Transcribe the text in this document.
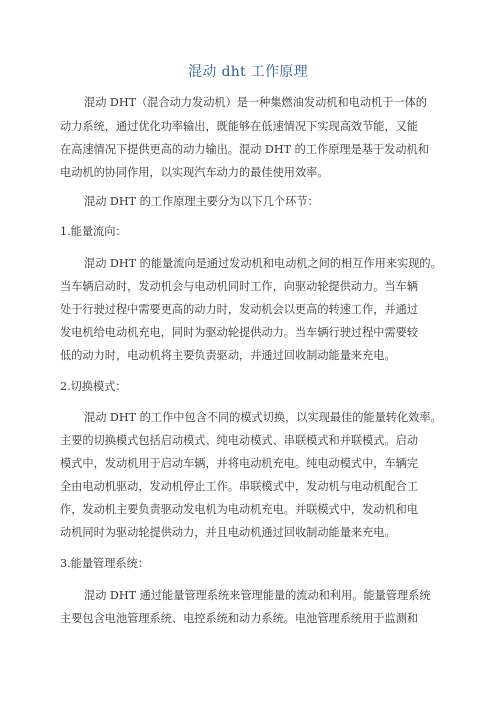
混动 dht 工作原理
混动 DHT（混合动力发动机）是一种集燃油发动机和电动机于一体的
动力系统，通过优化功率输出，既能够在低速情况下实现高效节能，又能
在高速情况下提供更高的动力输出。混动 DHT 的工作原理是基于发动机和
电动机的协同作用，以实现汽车动力的最佳使用效率。
混动 DHT 的工作原理主要分为以下几个环节：
1.能量流向：
混动 DHT 的能量流向是通过发动机和电动机之间的相互作用来实现的。
当车辆启动时，发动机会与电动机同时工作，向驱动轮提供动力。当车辆
处于行驶过程中需要更高的动力时，发动机会以更高的转速工作，并通过
发电机给电动机充电，同时为驱动轮提供动力。当车辆行驶过程中需要较
低的动力时，电动机将主要负责驱动，并通过回收制动能量来充电。
2.切换模式：
混动 DHT 的工作中包含不同的模式切换，以实现最佳的能量转化效率。
主要的切换模式包括启动模式、纯电动模式、串联模式和并联模式。启动
模式中，发动机用于启动车辆，并将电动机充电。纯电动模式中，车辆完
全由电动机驱动，发动机停止工作。串联模式中，发动机与电动机配合工
作，发动机主要负责驱动发电机为电动机充电。并联模式中，发动机和电
动机同时为驱动轮提供动力，并且电动机通过回收制动能量来充电。
3.能量管理系统：
混动 DHT 通过能量管理系统来管理能量的流动和利用。能量管理系统
主要包含电池管理系统、电控系统和动力系统。电池管理系统用于监测和
